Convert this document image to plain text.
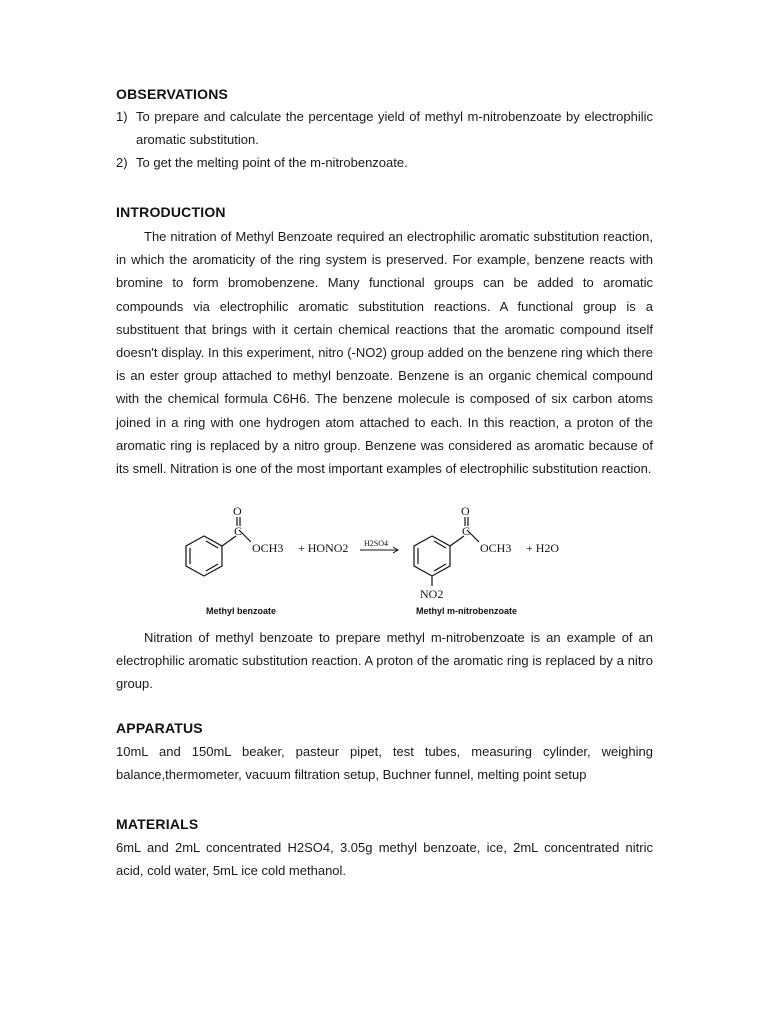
OBSERVATIONS
1) To prepare and calculate the percentage yield of methyl m-nitrobenzoate by electrophilic aromatic substitution.
2) To get the melting point of the m-nitrobenzoate.
INTRODUCTION

The nitration of Methyl Benzoate required an electrophilic aromatic substitution reaction, in which the aromaticity of the ring system is preserved. For example, benzene reacts with bromine to form bromobenzene. Many functional groups can be added to aromatic compounds via electrophilic aromatic substitution reactions. A functional group is a substituent that brings with it certain chemical reactions that the aromatic compound itself doesn't display. In this experiment, nitro (-NO2) group added on the benzene ring which there is an ester group attached to methyl benzoate. Benzene is an organic chemical compound with the chemical formula C6H6. The benzene molecule is composed of six carbon atoms joined in a ring with one hydrogen atom attached to each. In this reaction, a proton of the aromatic ring is replaced by a nitro group. Benzene was considered as aromatic because of its smell. Nitration is one of the most important examples of electrophilic substitution reaction.

O
C
OCH3 + HONO2 H2SO4
O
C
OCH3 + H2O
NO2
Methyl benzoate	Methyl m-nitrobenzoate

Nitration of methyl benzoate to prepare methyl m-nitrobenzoate is an example of an electrophilic aromatic substitution reaction. A proton of the aromatic ring is replaced by a nitro group.

APPARATUS

10mL and 150mL beaker, pasteur pipet, test tubes, measuring cylinder, weighing balance,thermometer, vacuum filtration setup, Buchner funnel, melting point setup

MATERIALS

6mL and 2mL concentrated H2SO4, 3.05g methyl benzoate, ice, 2mL concentrated nitric acid, cold water, 5mL ice cold methanol.
